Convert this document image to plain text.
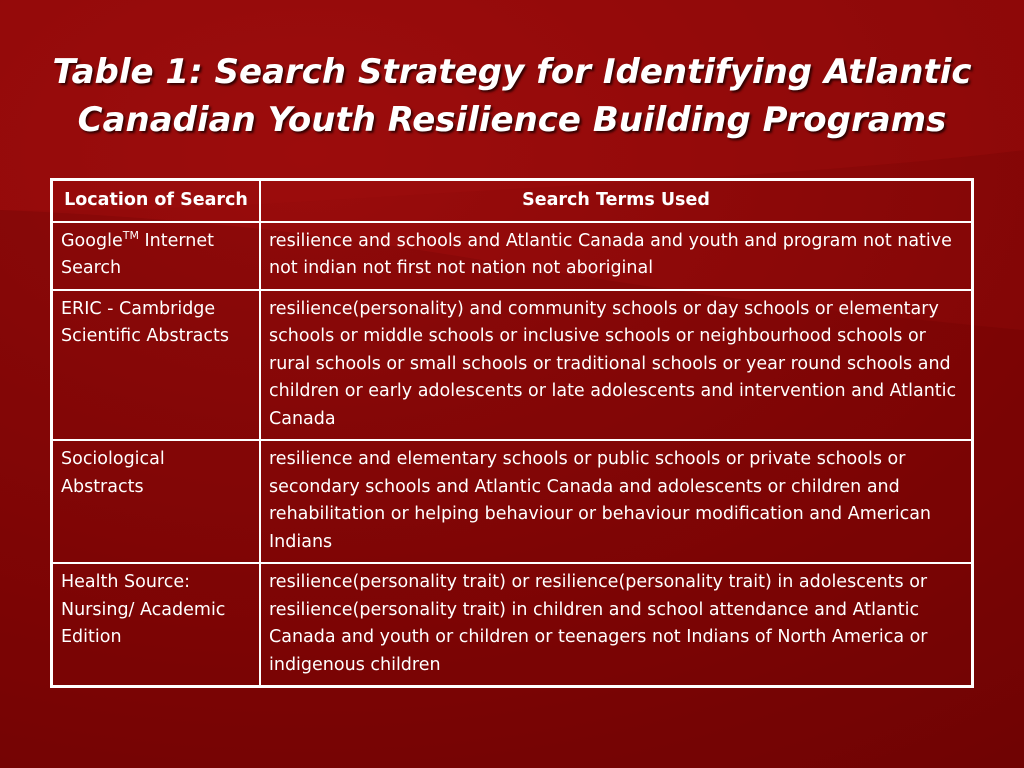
Table 1: Search Strategy for Identifying Atlantic
Canadian Youth Resilience Building Programs
Location of Search	Search Terms Used
Google™ Internet Search	resilience and schools and Atlantic Canada and youth and program not native not indian not first not nation not aboriginal
ERIC - Cambridge Scientific Abstracts	resilience(personality) and community schools or day schools or elementary schools or middle schools or inclusive schools or neighbourhood schools or rural schools or small schools or traditional schools or year round schools and children or early adolescents or late adolescents and intervention and Atlantic Canada
Sociological Abstracts	resilience and elementary schools or public schools or private schools or secondary schools and Atlantic Canada and adolescents or children and rehabilitation or helping behaviour or behaviour modification and American Indians
Health Source: Nursing/ Academic Edition	resilience(personality trait) or resilience(personality trait) in adolescents or resilience(personality trait) in children and school attendance and Atlantic Canada and youth or children or teenagers not Indians of North America or indigenous children
